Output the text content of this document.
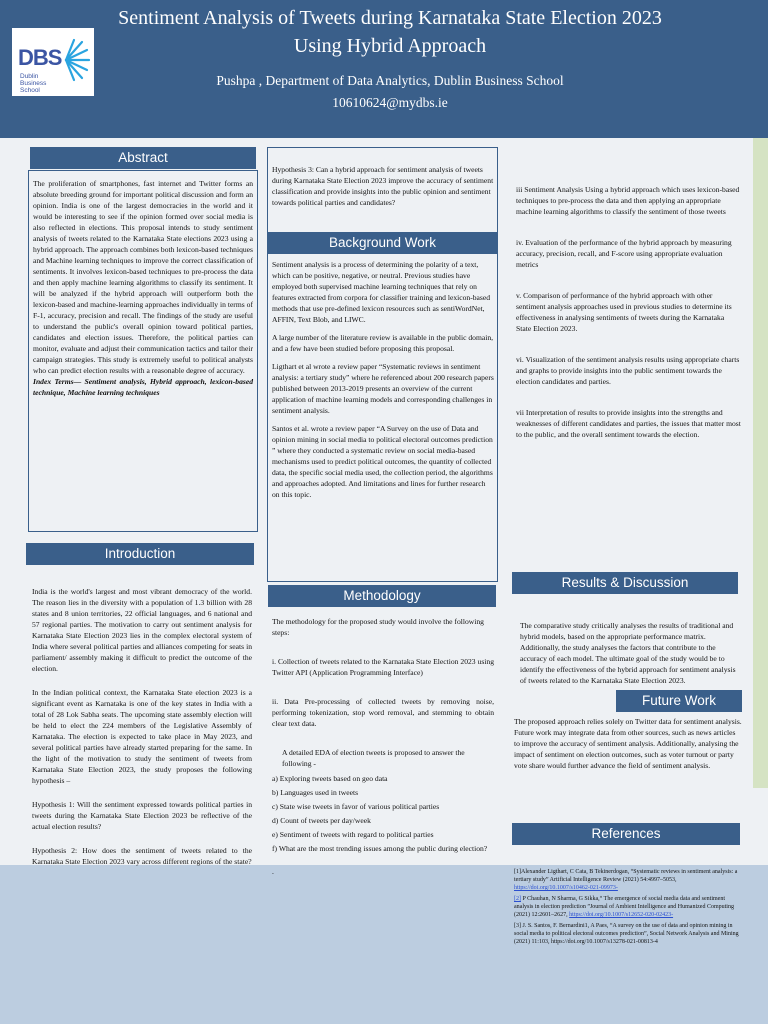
DBS
Dublin Business School
Sentiment Analysis of Tweets during Karnataka State Election 2023 Using Hybrid Approach
Pushpa , Department of Data Analytics, Dublin Business School
10610624@mydbs.ie
Abstract

The proliferation of smartphones, fast internet and Twitter forms an absolute breeding ground for important political discussion and form an opinion. India is one of the largest democracies in the world and it would be interesting to see if the opinion formed over social media is also reflected in elections. This proposal intends to study sentiment analysis of tweets related to the Karnataka State elections 2023 using a hybrid approach. The approach combines both lexicon-based techniques and Machine learning techniques to improve the correct classification of sentiments. It involves lexicon-based techniques to pre-process the data and then apply machine learning algorithms to classify its sentiment. It will be analyzed if the hybrid approach will outperform both the lexicon-based and machine-learning approaches individually in terms of F-1, accuracy, precision and recall. The findings of the study are useful to understand the public's overall opinion toward political parties, candidates and election issues. Therefore, the political parties can monitor, evaluate and adjust their communication tactics and tailor their campaign strategies. This study is extremely useful to political analysts who can predict election results with a reasonable degree of accuracy.

Index Terms— Sentiment analysis, Hybrid approach, lexicon-based technique, Machine learning techniques

Introduction

India is the world's largest and most vibrant democracy of the world. The reason lies in the diversity with a population of 1.3 billion with 28 states and 8 union territories, 22 official languages, and 6 national and 57 regional parties. The motivation to carry out sentiment analysis for Karnataka State Election 2023 lies in the complex electoral system of India where several political parties and alliances competing for seats in parliament/ assembly making it difficult to predict the outcome of the election.

In the Indian political context, the Karnataka State election 2023 is a significant event as Karnataka is one of the key states in India with a total of 28 Lok Sabha seats. The upcoming state assembly election will be held to elect the 224 members of the Legislative Assembly of Karnataka. The election is expected to take place in May 2023, and several political parties have already started preparing for the same. In the light of the motivation to study the sentiment of tweets from Karnataka State Election 2023, the study proposes the following hypothesis –

Hypothesis 1: Will the sentiment expressed towards political parties in tweets during the Karnataka State Election 2023 be reflective of the actual election results?

Hypothesis 2: How does the sentiment of tweets related to the Karnataka State Election 2023 vary across different regions of the state?

Hypothesis 3: Can a hybrid approach for sentiment analysis of tweets during Karnataka State Election 2023 improve the accuracy of sentiment classification and provide insights into the public opinion and sentiment towards political parties and candidates?
Background Work

Sentiment analysis is a process of determining the polarity of a text, which can be positive, negative, or neutral. Previous studies have employed both supervised machine learning techniques that rely on features extracted from corpora for classifier training and lexicon-based methods that use pre-defined lexicon resources such as sentiWordNet, AFFIN, Text Blob, and LIWC.

A large number of the literature review is available in the public domain, and a few have been studied before proposing this proposal.

Ligthart et al wrote a review paper “Systematic reviews in sentiment analysis: a tertiary study” where he referenced about 200 research papers published between 2013-2019 presents an overview of the current application of machine learning models and corresponding challenges in sentiment analysis.

Santos et al. wrote a review paper “A Survey on the use of Data and opinion mining in social media to political electoral outcomes prediction ” where they conducted a systematic review on social media-based mechanisms used to predict political outcomes, the quantity of collected data, the specific social media used, the collection period, the algorithms and approaches adopted. And limitations and lines for further research on this topic.

Methodology

The methodology for the proposed study would involve the following steps:

i. Collection of tweets related to the Karnataka State Election 2023 using Twitter API (Application Programming Interface)

ii. Data Pre-processing of collected tweets by removing noise, performing tokenization, stop word removal, and stemming to obtain clear text data.

A detailed EDA of election tweets is proposed to answer the following -

a) Exploring tweets based on geo data
b) Languages used in tweets
c) State wise tweets in favor of various political parties
d) Count of tweets per day/week
e) Sentiment of tweets with regard to political parties
f) What are the most trending issues among the public during election?
.

iii Sentiment Analysis Using a hybrid approach which uses lexicon-based techniques to pre-process the data and then applying an appropriate machine learning algorithms to classify the sentiment of those tweets

iv. Evaluation of the performance of the hybrid approach by measuring accuracy, precision, recall, and F-score using appropriate evaluation metrics

v. Comparison of performance of the hybrid approach with other sentiment analysis approaches used in previous studies to determine its effectiveness in analysing sentiments of tweets during the Karnataka State Election 2023.

vi. Visualization of the sentiment analysis results using appropriate charts and graphs to provide insights into the public sentiment towards the election candidates and parties.

vii Interpretation of results to provide insights into the strengths and weaknesses of different candidates and parties, the issues that matter most to the public, and the overall sentiment towards the election.

Results & Discussion
The comparative study critically analyses the results of traditional and hybrid models, based on the appropriate performance matrix. Additionally, the study analyses the factors that contribute to the accuracy of each model. The ultimate goal of the study would be to identify the effectiveness of the hybrid approach for sentiment analysis of tweets related to the Karnataka State Election 2023.
Future Work
The proposed approach relies solely on Twitter data for sentiment analysis. Future work may integrate data from other sources, such as news articles to improve the accuracy of sentiment analysis. Additionally, analysing the impact of sentiment on election outcomes, such as voter turnout or party vote share would further advance the field of sentiment analysis.
References

[1]Alexander Ligthart, C Cata, B Tekinerdogan, “Systematic reviews in sentiment analysis: a tertiary study” Artificial Intelligence Review (2021) 54:4997–5053, https://doi.org/10.1007/s10462-021-09973-

[2] P Chauhan, N Sharma, G Sikka,“ The emergence of social media data and sentiment analysis in election prediction ”Journal of Ambient Intelligence and Humanized Computing (2021) 12:2601–2627, https://doi.org/10.1007/s12652-020-02423-

[3] J. S. Santos, F. Bernardini1, A Paes, “A survey on the use of data and opinion mining in social media to political electoral outcomes prediction”, Social Network Analysis and Mining (2021) 11:103, https://doi.org/10.1007/s13278-021-00813-4
